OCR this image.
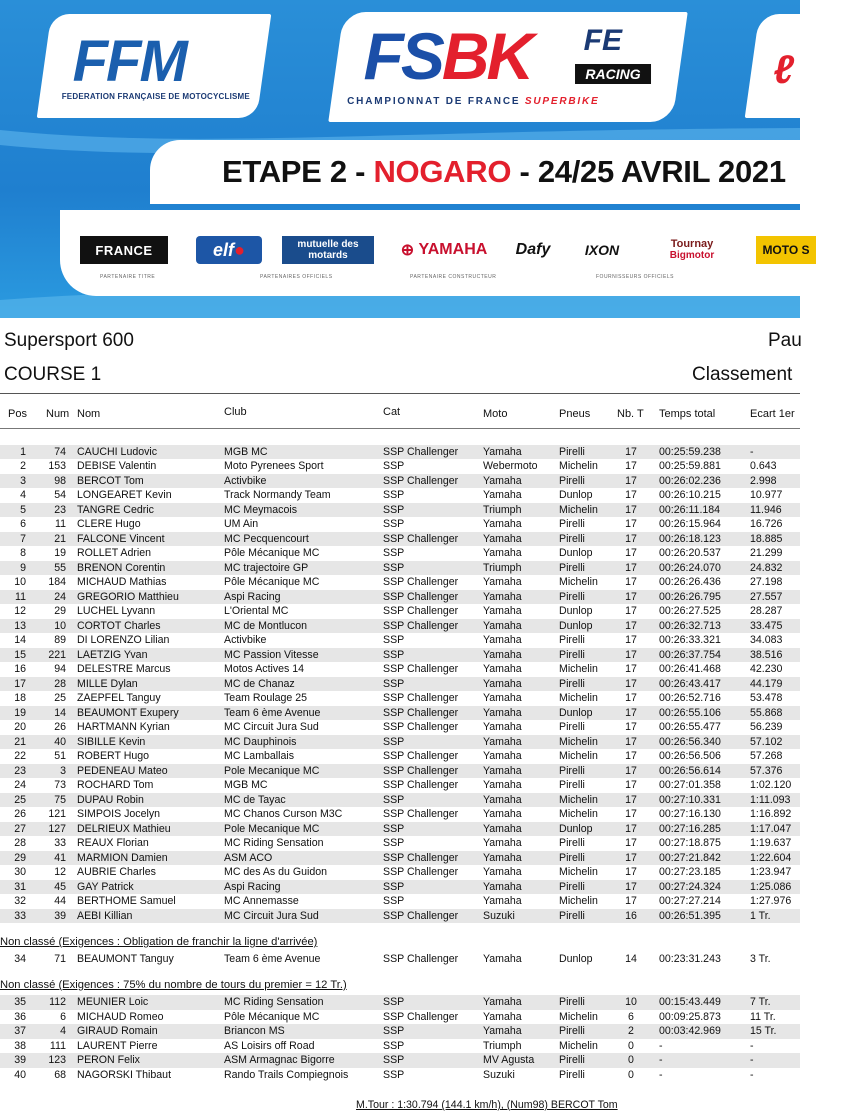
FFM
FEDERATION FRANÇAISE DE MOTOCYCLISME
FSBK FE
RACING
CHAMPIONNAT DE FRANCE SUPERBIKE
ℓ
ETAPE 2 - NOGARO - 24/25 AVRIL 2021
FRANCE	elf ●	mutuelle des
motards	⊕
YAMAHA Dafy IXON	Tournay
Bigmotor	MOTO S
PARTENAIRE TITRE	PARTENAIRES OFFICIELS	PARTENAIRE CONSTRUCTEUR	FOURNISSEURS OFFICIELS
Supersport 600
COURSE 1
Pau
Classement
Pos Num Nom	Club	Cat	Moto	Pneus Nb. T Temps total	Ecart 1er
Non classé (Exigences : Obligation de franchir la ligne d'arrivée)
Non classé (Exigences : 75% du nombre de tours du premier = 12 Tr.)
1	74 CAUCHI Ludovic	MGB MC	SSP Challenger	Yamaha	Pirelli	17	00:25:59.238	-
2	153 DEBISE Valentin	Moto Pyrenees Sport	SSP	Webermoto	Michelin	17	00:25:59.881	0.643
3	98 BERCOT Tom	Activbike	SSP Challenger	Yamaha	Pirelli	17	00:26:02.236	2.998
4	54 LONGEARET Kevin	Track Normandy Team	SSP	Yamaha	Dunlop	17	00:26:10.215	10.977
5	23 TANGRE Cedric	MC Meymacois	SSP	Triumph	Michelin	17	00:26:11.184	11.946
6	11 CLERE Hugo	UM Ain	SSP	Yamaha	Pirelli	17	00:26:15.964	16.726
7	21 FALCONE Vincent	MC Pecquencourt	SSP Challenger	Yamaha	Pirelli	17	00:26:18.123	18.885
8	19 ROLLET Adrien	Pôle Mécanique MC	SSP	Yamaha	Dunlop	17	00:26:20.537	21.299
9	55 BRENON Corentin	MC trajectoire GP	SSP	Triumph	Pirelli	17	00:26:24.070	24.832
10	184 MICHAUD Mathias	Pôle Mécanique MC	SSP Challenger	Yamaha	Michelin	17	00:26:26.436	27.198
11	24 GREGORIO Matthieu	Aspi Racing	SSP Challenger	Yamaha	Pirelli	17	00:26:26.795	27.557
12	29 LUCHEL Lyvann	L'Oriental MC	SSP Challenger	Yamaha	Dunlop	17	00:26:27.525	28.287
13	10 CORTOT Charles	MC de Montlucon	SSP Challenger	Yamaha	Dunlop	17	00:26:32.713	33.475
14	89 DI LORENZO Lilian	Activbike	SSP	Yamaha	Pirelli	17	00:26:33.321	34.083
15	221 LAETZIG Yvan	MC Passion Vitesse	SSP	Yamaha	Pirelli	17	00:26:37.754	38.516
16	94 DELESTRE Marcus	Motos Actives 14	SSP Challenger	Yamaha	Michelin	17	00:26:41.468	42.230
17	28 MILLE Dylan	MC de Chanaz	SSP	Yamaha	Pirelli	17	00:26:43.417	44.179
18	25 ZAEPFEL Tanguy	Team Roulage 25	SSP Challenger	Yamaha	Michelin	17	00:26:52.716	53.478
19	14 BEAUMONT Exupery	Team 6 ème Avenue	SSP Challenger	Yamaha	Dunlop	17	00:26:55.106	55.868
20	26 HARTMANN Kyrian	MC Circuit Jura Sud	SSP Challenger	Yamaha	Pirelli	17	00:26:55.477	56.239
21	40 SIBILLE Kevin	MC Dauphinois	SSP	Yamaha	Michelin	17	00:26:56.340	57.102
22	51 ROBERT Hugo	MC Lamballais	SSP Challenger	Yamaha	Michelin	17	00:26:56.506	57.268
23	3 PEDENEAU Mateo	Pole Mecanique MC	SSP Challenger	Yamaha	Pirelli	17	00:26:56.614	57.376
24	73 ROCHARD Tom	MGB MC	SSP Challenger	Yamaha	Pirelli	17	00:27:01.358	1:02.120
25	75 DUPAU Robin	MC de Tayac	SSP	Yamaha	Michelin	17	00:27:10.331	1:11.093
26	121 SIMPOIS Jocelyn	MC Chanos Curson M3C	SSP Challenger	Yamaha	Michelin	17	00:27:16.130	1:16.892
27	127 DELRIEUX Mathieu	Pole Mecanique MC	SSP	Yamaha	Dunlop	17	00:27:16.285	1:17.047
28	33 REAUX Florian	MC Riding Sensation	SSP	Yamaha	Pirelli	17	00:27:18.875	1:19.637
29	41 MARMION Damien	ASM ACO	SSP Challenger	Yamaha	Pirelli	17	00:27:21.842	1:22.604
30	12 AUBRIE Charles	MC des As du Guidon	SSP Challenger	Yamaha	Michelin	17	00:27:23.185	1:23.947
31	45 GAY Patrick	Aspi Racing	SSP	Yamaha	Pirelli	17	00:27:24.324	1:25.086
32	44 BERTHOME Samuel	MC Annemasse	SSP	Yamaha	Michelin	17	00:27:27.214	1:27.976
33	39 AEBI Killian	MC Circuit Jura Sud	SSP Challenger	Suzuki	Pirelli	16	00:26:51.395	1 Tr.
34	71 BEAUMONT Tanguy	Team 6 ème Avenue	SSP Challenger	Yamaha	Dunlop	14	00:23:31.243	3 Tr.
35	112 MEUNIER Loic	MC Riding Sensation	SSP	Yamaha	Pirelli	10	00:15:43.449	7 Tr.
36	6 MICHAUD Romeo	Pôle Mécanique MC	SSP Challenger	Yamaha	Michelin	6	00:09:25.873	11 Tr.
37	4 GIRAUD Romain	Briancon MS	SSP	Yamaha	Pirelli	2	00:03:42.969	15 Tr.
38	111 LAURENT Pierre	AS Loisirs off Road	SSP	Triumph	Michelin	0	-	-
39	123 PERON Felix	ASM Armagnac Bigorre	SSP	MV Agusta	Pirelli	0	-	-
40	68 NAGORSKI Thibaut	Rando Trails Compiegnois	SSP	Suzuki	Pirelli	0	-	-
M.Tour : 1:30.794 (144.1 km/h), (Num98) BERCOT Tom
